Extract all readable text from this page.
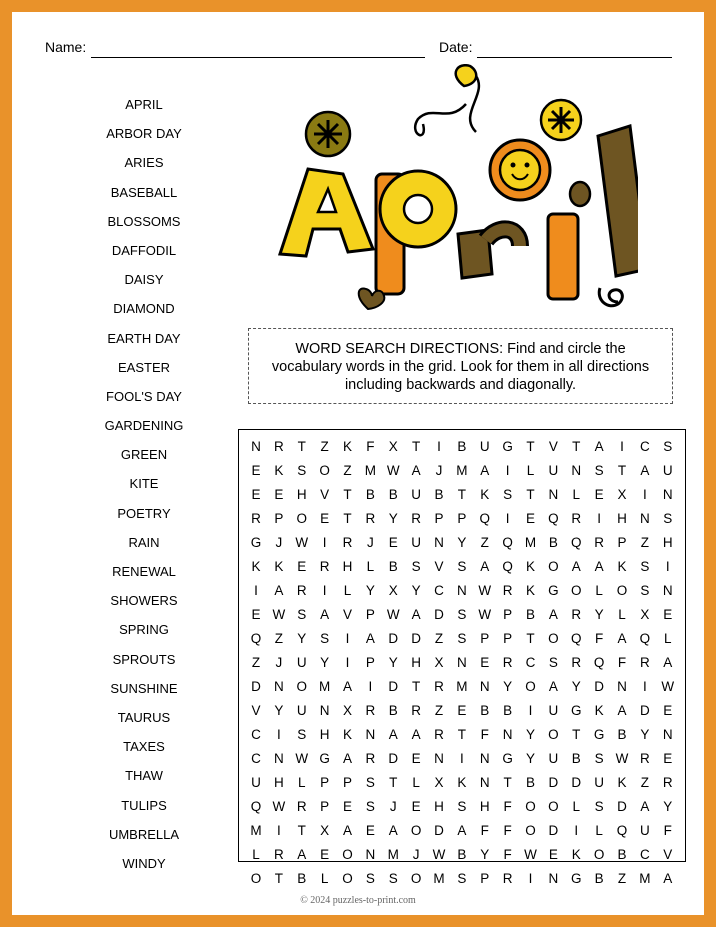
Name:	Date:
APRIL
ARBOR DAY
ARIES
BASEBALL
BLOSSOMS
DAFFODIL
DAISY
DIAMOND
EARTH DAY
EASTER
FOOL'S DAY
GARDENING
GREEN
KITE
POETRY
RAIN
RENEWAL
SHOWERS
SPRING
SPROUTS
SUNSHINE
TAURUS
TAXES
THAW
TULIPS
UMBRELLA
WINDY
WORD SEARCH DIRECTIONS: Find and circle the vocabulary words in the grid. Look for them in all directions including backwards and diagonally.
N R	T	Z	K	F	X	T	I	B	U G	T	V	T	A	I	C S
E	K	S O	Z M W A	J	M A	I	L	U N S	T	A	U
E	E	H V	T	B	B	U B	T	K	S	T	N	L	E	X	I	N
R P O E	T	R Y	R P	P Q	I	E Q R	I	H N S
G	J W	I	R	J	E	U N Y	Z Q M B Q R P	Z	H
K	K	E	R H	L	B	S	V	S	A Q K O A	A	K	S	I
I	A	R	I	L	Y	X	Y	C N W R K G O	L	O S	N
E W S	A	V	P W A	D S W P	B	A	R Y	L	X	E
Q	Z	Y	S	I	A	D D	Z	S	P	P	T O Q	F	A Q	L
Z	J	U Y	I	P	Y	H X	N E	R C S	R Q	F	R A
D N O M A	I	D	T	R M N Y O A	Y	D N	I	W
V	Y	U N X	R B	R	Z	E	B	B	I	U G K	A	D E
C	I	S	H K	N A	A	R	T	F	N Y O	T G B	Y	N
C N W G A	R D E	N	I	N G Y	U B	S W R E
U H	L	P	P	S	T	L	X	K	N	T	B	D D U K	Z	R
Q W R P	E	S	J	E	H S	H	F O O	L	S	D A	Y
M	I	T	X	A	E	A O D A	F	F O D	I	L	Q U	F
L	R A	E O N M	J W B	Y	F W E	K O B	C V
O	T	B	L	O S	S O M S	P	R	I	N G B	Z M A
© 2024 puzzles-to-print.com
